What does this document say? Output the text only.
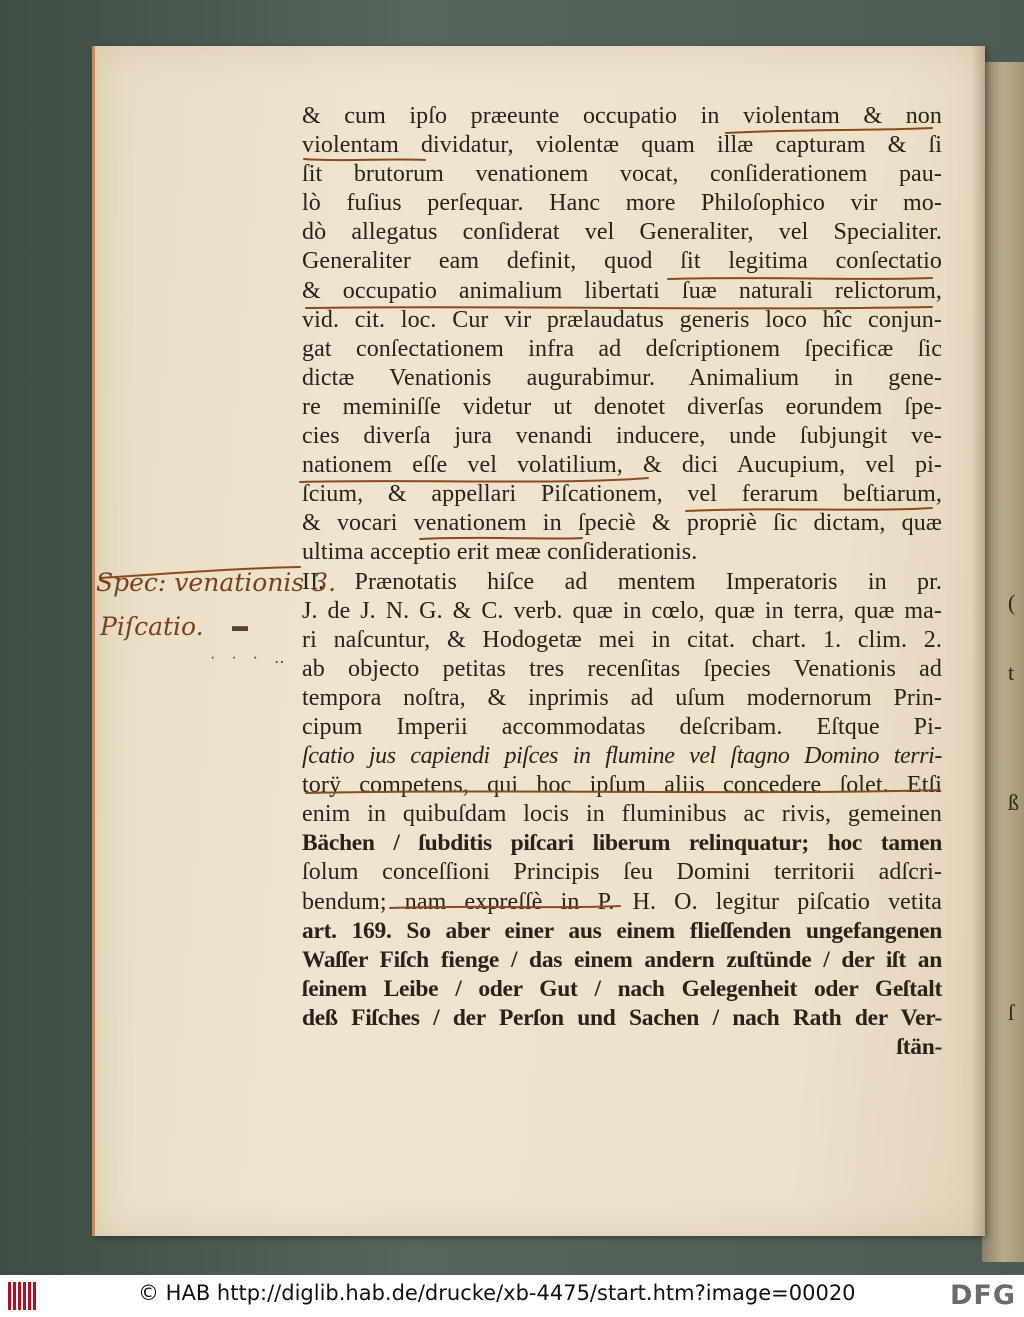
(
t
ß
ſ
& cum ipſo præeunte occupatio in violentam & non
violentam dividatur, violentæ quam illæ capturam & ſi
ſit brutorum venationem vocat, conſiderationem pau-
lò fuſius perſequar. Hanc more Philoſophico vir mo-
dò allegatus conſiderat vel Generaliter, vel Specialiter.
Generaliter eam definit, quod ſit legitima conſectatio
& occupatio animalium libertati ſuæ naturali relictorum,
vid. cit. loc. Cur vir prælaudatus generis loco hîc conjun-
gat conſectationem infra ad deſcriptionem ſpecificæ ſic
dictæ Venationis augurabimur. Animalium in gene-
re meminiſſe videtur ut denotet diverſas eorundem ſpe-
cies diverſa jura venandi inducere, unde ſubjungit ve-
nationem eſſe vel volatilium, & dici Aucupium, vel pi-
ſcium, & appellari Piſcationem, vel ferarum beſtiarum,
& vocari venationem in ſpeciè & propriè ſic dictam, quæ
ultima acceptio erit meæ conſiderationis.
II. Prænotatis hiſce ad mentem Imperatoris in pr.
J. de J. N. G. & C. verb. quæ in cœlo, quæ in terra, quæ ma-
ri naſcuntur, & Hodogetæ mei in citat. chart. 1. clim. 2.
ab objecto petitas tres recenſitas ſpecies Venationis ad
tempora noſtra, & inprimis ad uſum modernorum Prin-
cipum Imperii accommodatas deſcribam. Eſtque Pi-
ſcatio jus capiendi piſces in flumine vel ſtagno Domino terri-
torÿ competens, qui hoc ipſum aliis concedere ſolet. Etſi
enim in quibuſdam locis in fluminibus ac rivis, gemeinen
Bächen / ſubditis piſcari liberum relinquatur; hoc tamen
ſolum conceſſioni Principis ſeu Domini territorii adſcri-
bendum; nam expreſſè in P. H. O. legitur piſcatio vetita
art. 169. So aber einer aus einem flieſſenden ungefangenen
Waſſer Fiſch fienge / das einem andern zuſtünde / der iſt an
ſeinem Leibe / oder Gut / nach Gelegenheit oder Geſtalt
deß Fiſches / der Perſon und Sachen / nach Rath der Ver-
ſtän-
Spec: venationis 3.
Piſcatio. ▬
· · · ‥
© HAB http://diglib.hab.de/drucke/xb-4475/start.htm?image=00020	DFG
